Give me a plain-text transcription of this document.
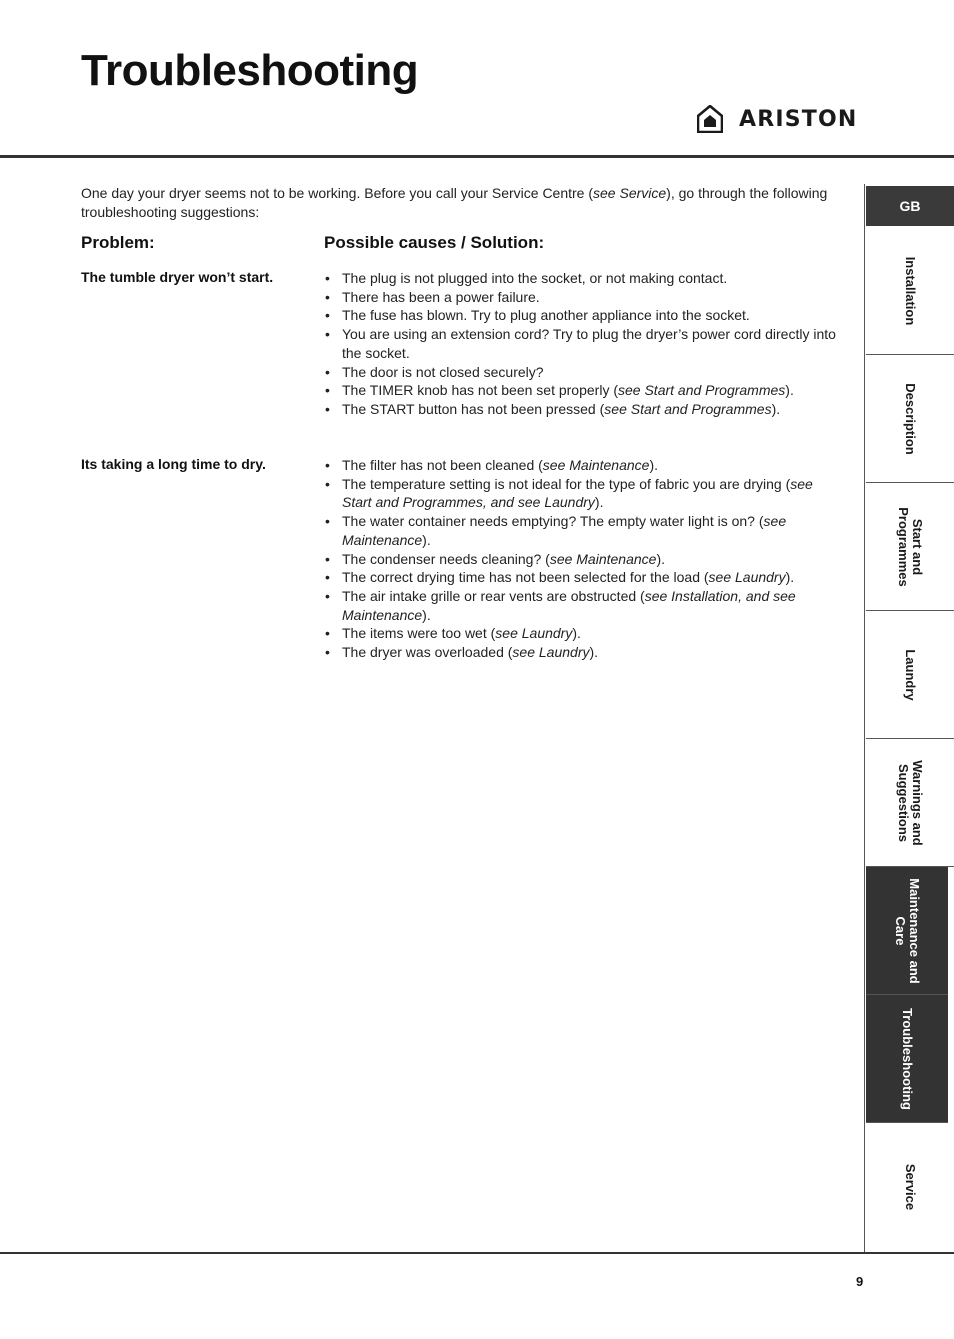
Troubleshooting
ARISTON

One day your dryer seems not to be working. Before you call your Service Centre (see Service), go through the following troubleshooting suggestions:

Problem:	Possible causes / Solution:
The tumble dryer won’t start.	• The plug is not plugged into the socket, or not making contact.
• There has been a power failure.
• The fuse has blown. Try to plug another appliance into the socket.
• You are using an extension cord? Try to plug the dryer’s power cord directly into the socket.
• The door is not closed securely?
• The TIMER knob has not been set properly (see Start and Programmes).
• The START button has not been pressed (see Start and Programmes).
Its taking a long time to dry.	• The filter has not been cleaned (see Maintenance).
• The temperature setting is not ideal for the type of fabric you are drying (see Start and Programmes, and see Laundry).
• The water container needs emptying? The empty water light is on? (see Maintenance).
• The condenser needs cleaning? (see Maintenance).
• The correct drying time has not been selected for the load (see Laundry).
• The air intake grille or rear vents are obstructed (see Installation, and see Maintenance).
• The items were too wet (see Laundry).
• The dryer was overloaded (see Laundry).
GB
Installation
Description
Start and Programmes
Laundry
Warnings and Suggestions
Maintenance and Care
Troubleshooting
Service
9
